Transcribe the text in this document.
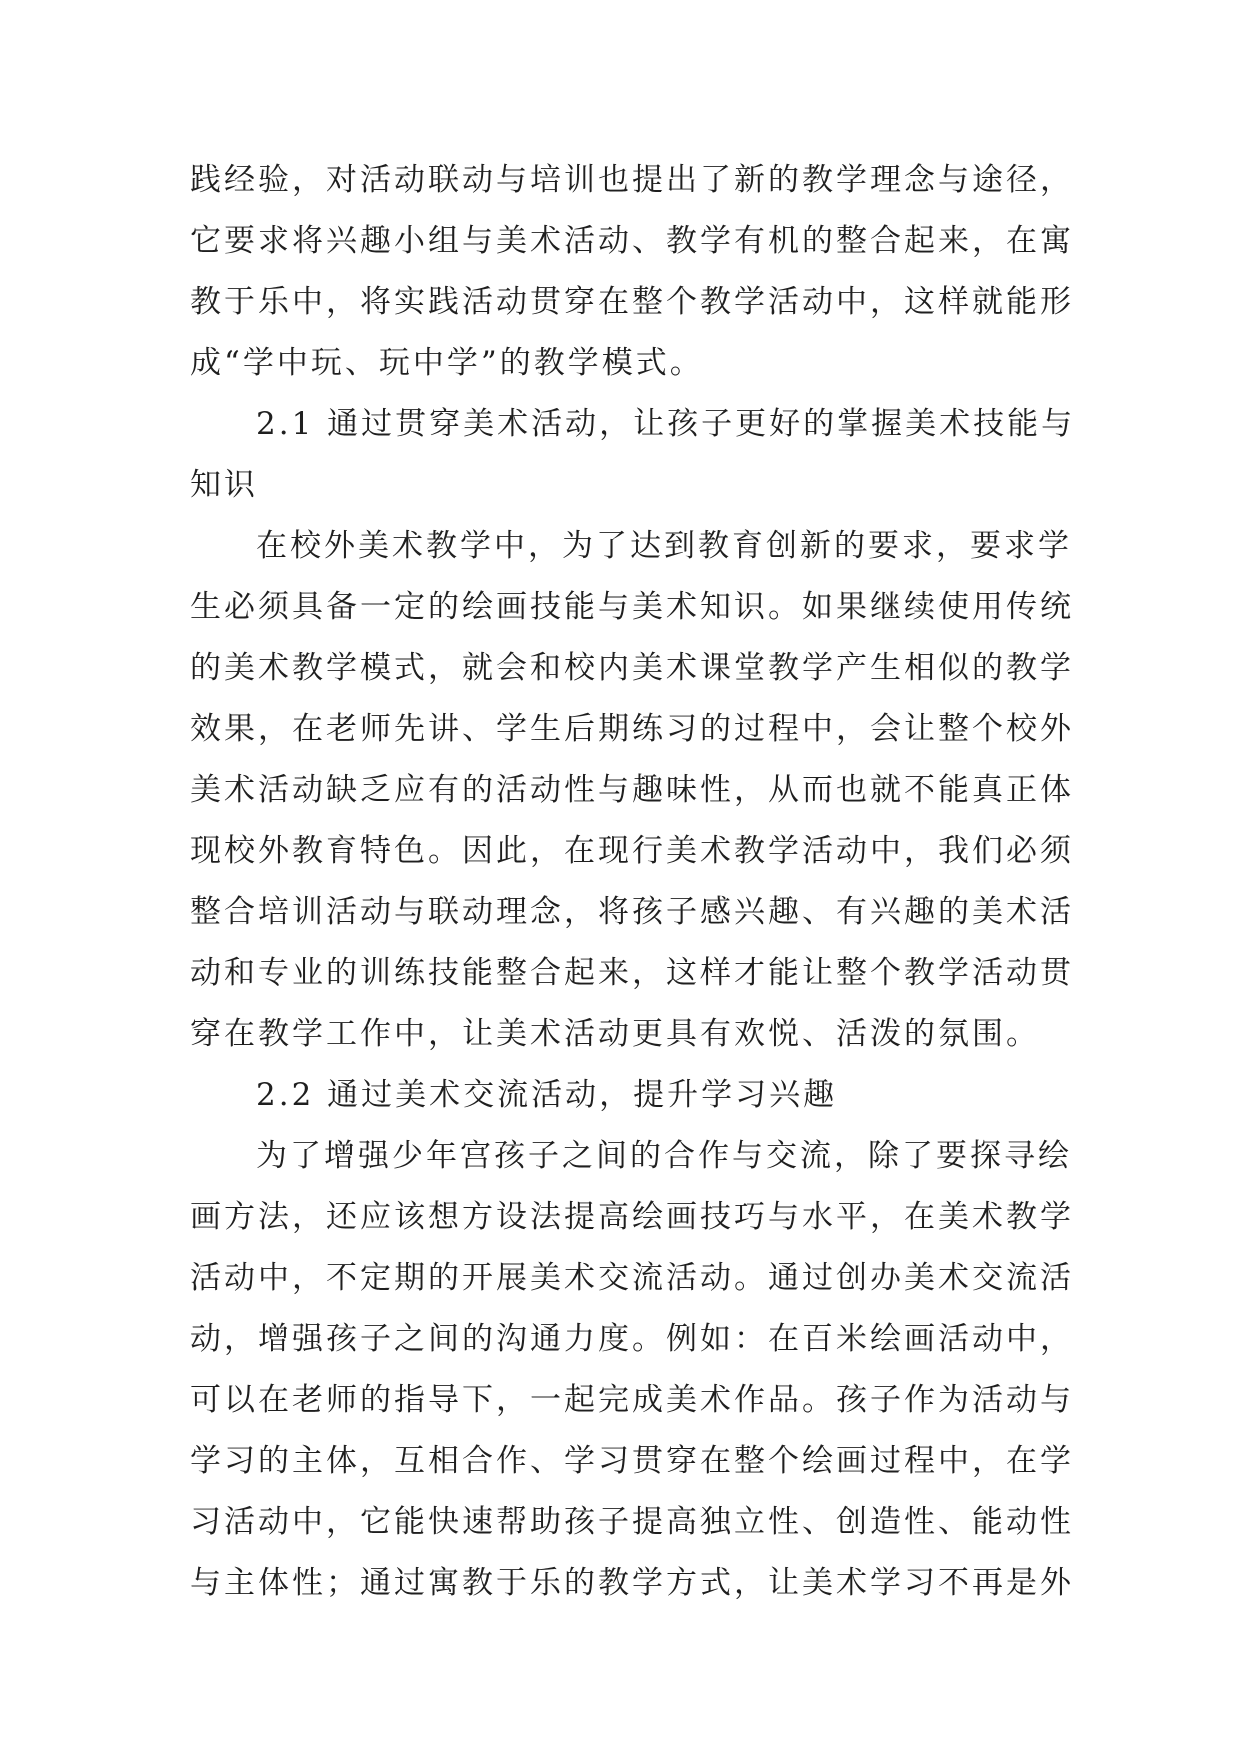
践经验，对活动联动与培训也提出了新的教学理念与途径，
它要求将兴趣小组与美术活动、教学有机的整合起来，在寓
教于乐中，将实践活动贯穿在整个教学活动中，这样就能形
成“学中玩、玩中学”的教学模式。
2.1 通过贯穿美术活动，让孩子更好的掌握美术技能与
知识
在校外美术教学中，为了达到教育创新的要求，要求学
生必须具备一定的绘画技能与美术知识。如果继续使用传统
的美术教学模式，就会和校内美术课堂教学产生相似的教学
效果，在老师先讲、学生后期练习的过程中，会让整个校外
美术活动缺乏应有的活动性与趣味性，从而也就不能真正体
现校外教育特色。因此，在现行美术教学活动中，我们必须
整合培训活动与联动理念，将孩子感兴趣、有兴趣的美术活
动和专业的训练技能整合起来，这样才能让整个教学活动贯
穿在教学工作中，让美术活动更具有欢悦、活泼的氛围。
2.2 通过美术交流活动，提升学习兴趣
为了增强少年宫孩子之间的合作与交流，除了要探寻绘
画方法，还应该想方设法提高绘画技巧与水平，在美术教学
活动中，不定期的开展美术交流活动。通过创办美术交流活
动，增强孩子之间的沟通力度。例如：在百米绘画活动中，
可以在老师的指导下，一起完成美术作品。孩子作为活动与
学习的主体，互相合作、学习贯穿在整个绘画过程中，在学
习活动中，它能快速帮助孩子提高独立性、创造性、能动性
与主体性；通过寓教于乐的教学方式，让美术学习不再是外
